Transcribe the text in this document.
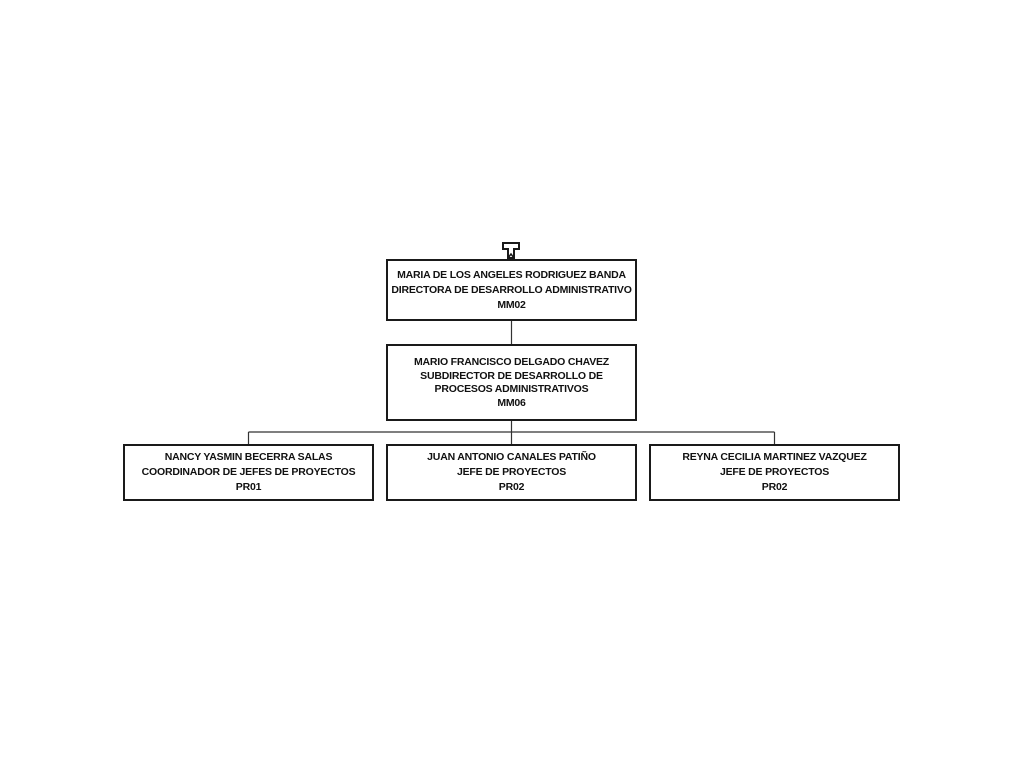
MARIA DE LOS ANGELES RODRIGUEZ BANDA
DIRECTORA DE DESARROLLO ADMINISTRATIVO
MM02
MARIO FRANCISCO DELGADO CHAVEZ
SUBDIRECTOR DE DESARROLLO DE PROCESOS ADMINISTRATIVOS
MM06
NANCY YASMIN BECERRA SALAS
COORDINADOR DE JEFES DE PROYECTOS
PR01
JUAN ANTONIO CANALES PATIÑO
JEFE DE PROYECTOS
PR02
REYNA CECILIA MARTINEZ VAZQUEZ
JEFE DE PROYECTOS
PR02
